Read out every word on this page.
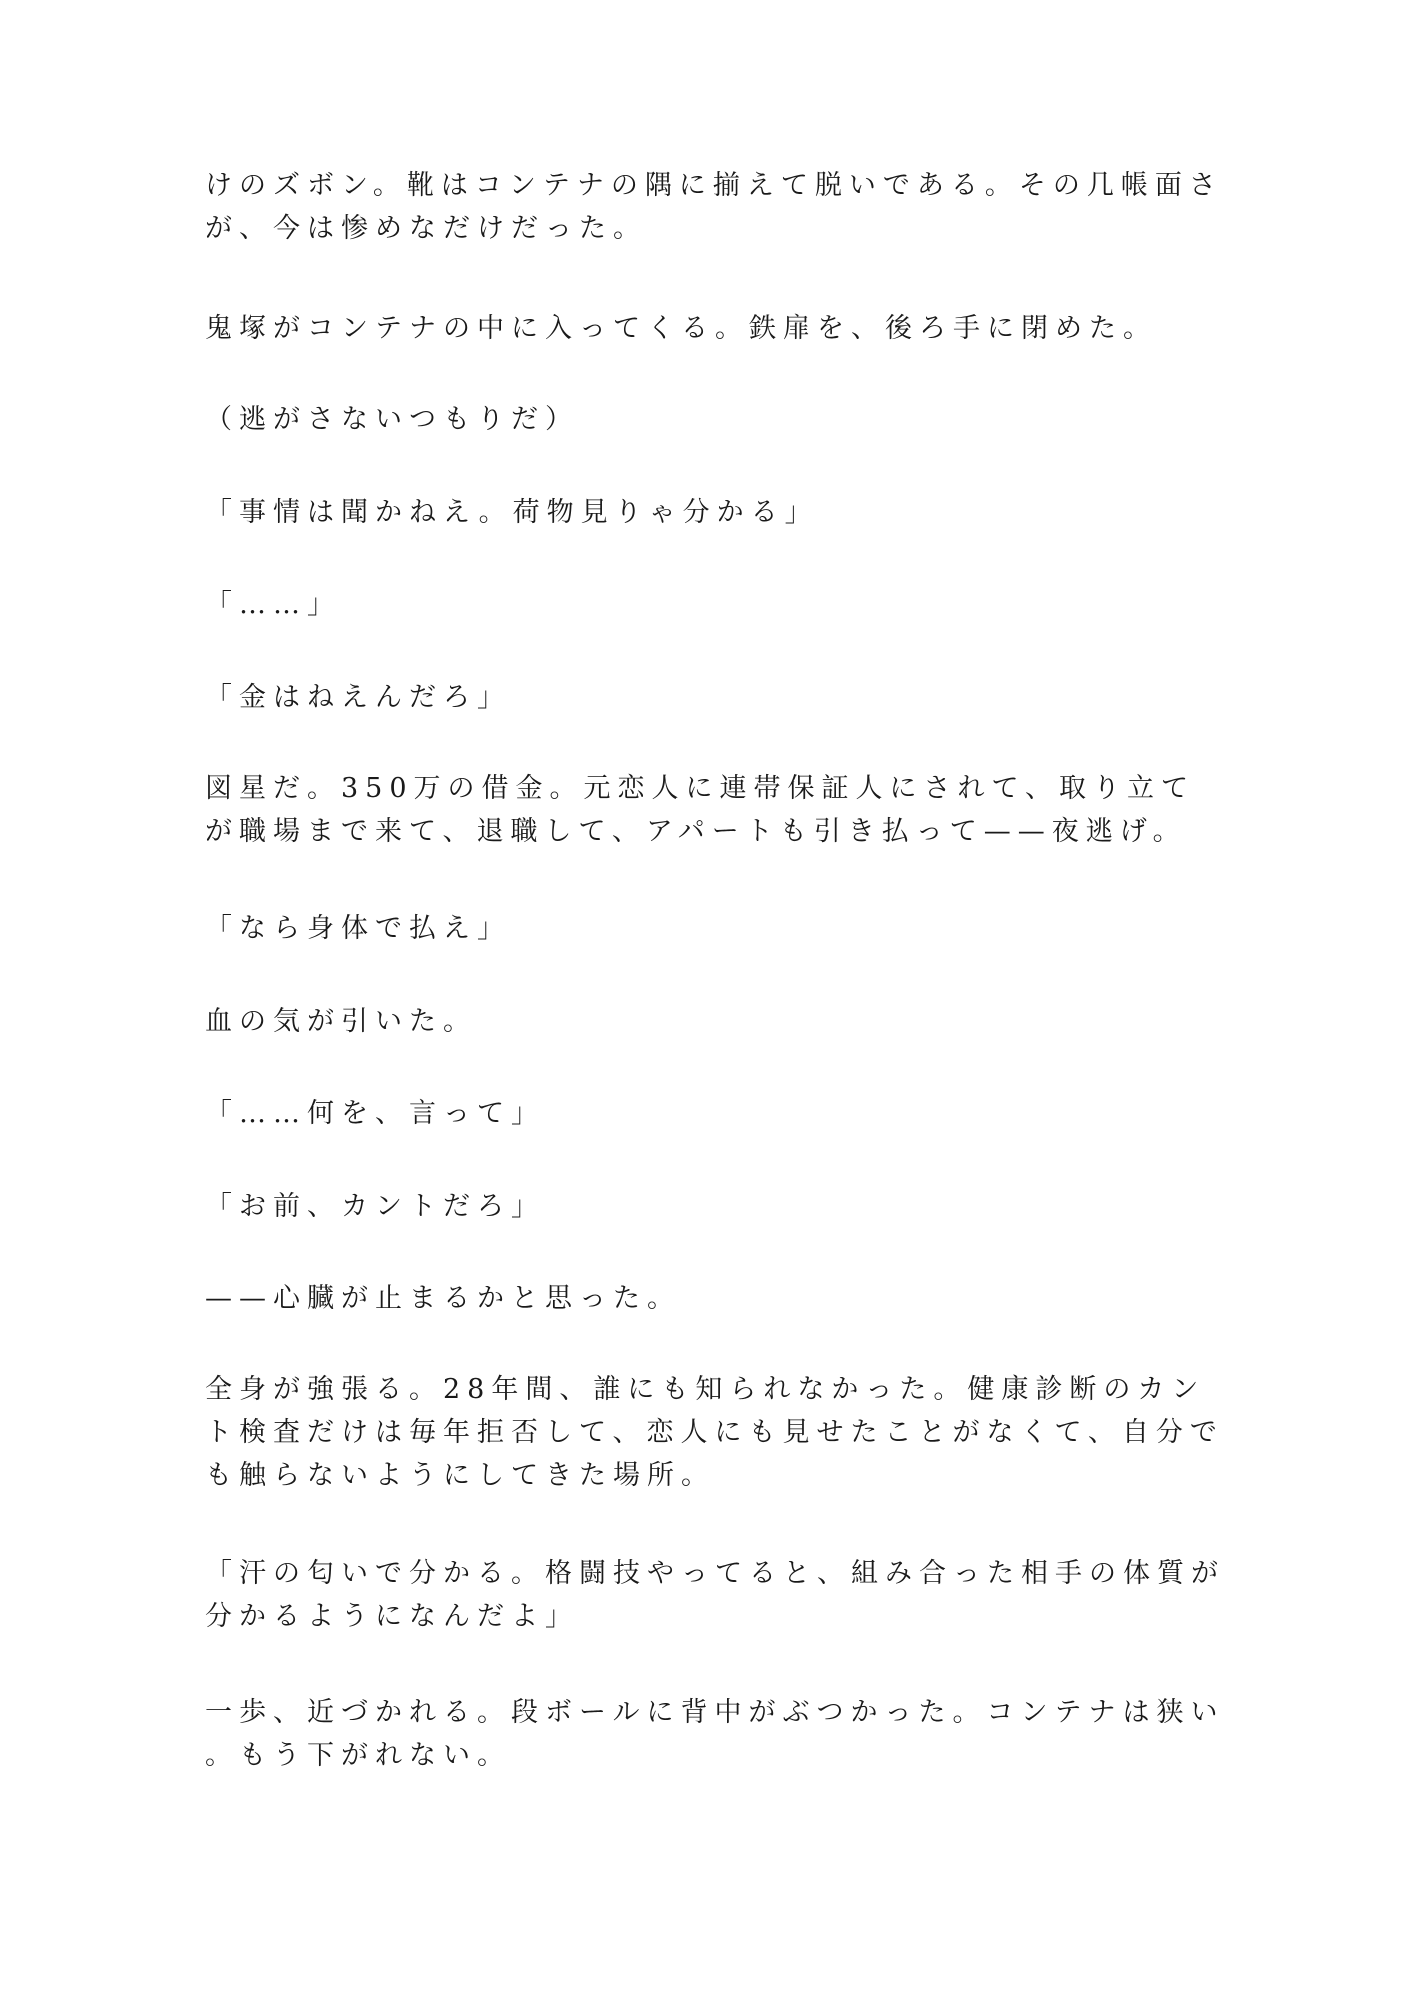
けのズボン。靴はコンテナの隅に揃えて脱いである。その几帳面さ
が、今は惨めなだけだった。
鬼塚がコンテナの中に入ってくる。鉄扉を、後ろ手に閉めた。
（逃がさないつもりだ）
「事情は聞かねえ。荷物見りゃ分かる」
「……」
「金はねえんだろ」
図星だ。350万の借金。元恋人に連帯保証人にされて、取り立て
が職場まで来て、退職して、アパートも引き払って——夜逃げ。
「なら身体で払え」
血の気が引いた。
「……何を、言って」
「お前、カントだろ」
——心臓が止まるかと思った。
全身が強張る。28年間、誰にも知られなかった。健康診断のカン
ト検査だけは毎年拒否して、恋人にも見せたことがなくて、自分で
も触らないようにしてきた場所。
「汗の匂いで分かる。格闘技やってると、組み合った相手の体質が
分かるようになんだよ」
一歩、近づかれる。段ボールに背中がぶつかった。コンテナは狭い
。もう下がれない。
